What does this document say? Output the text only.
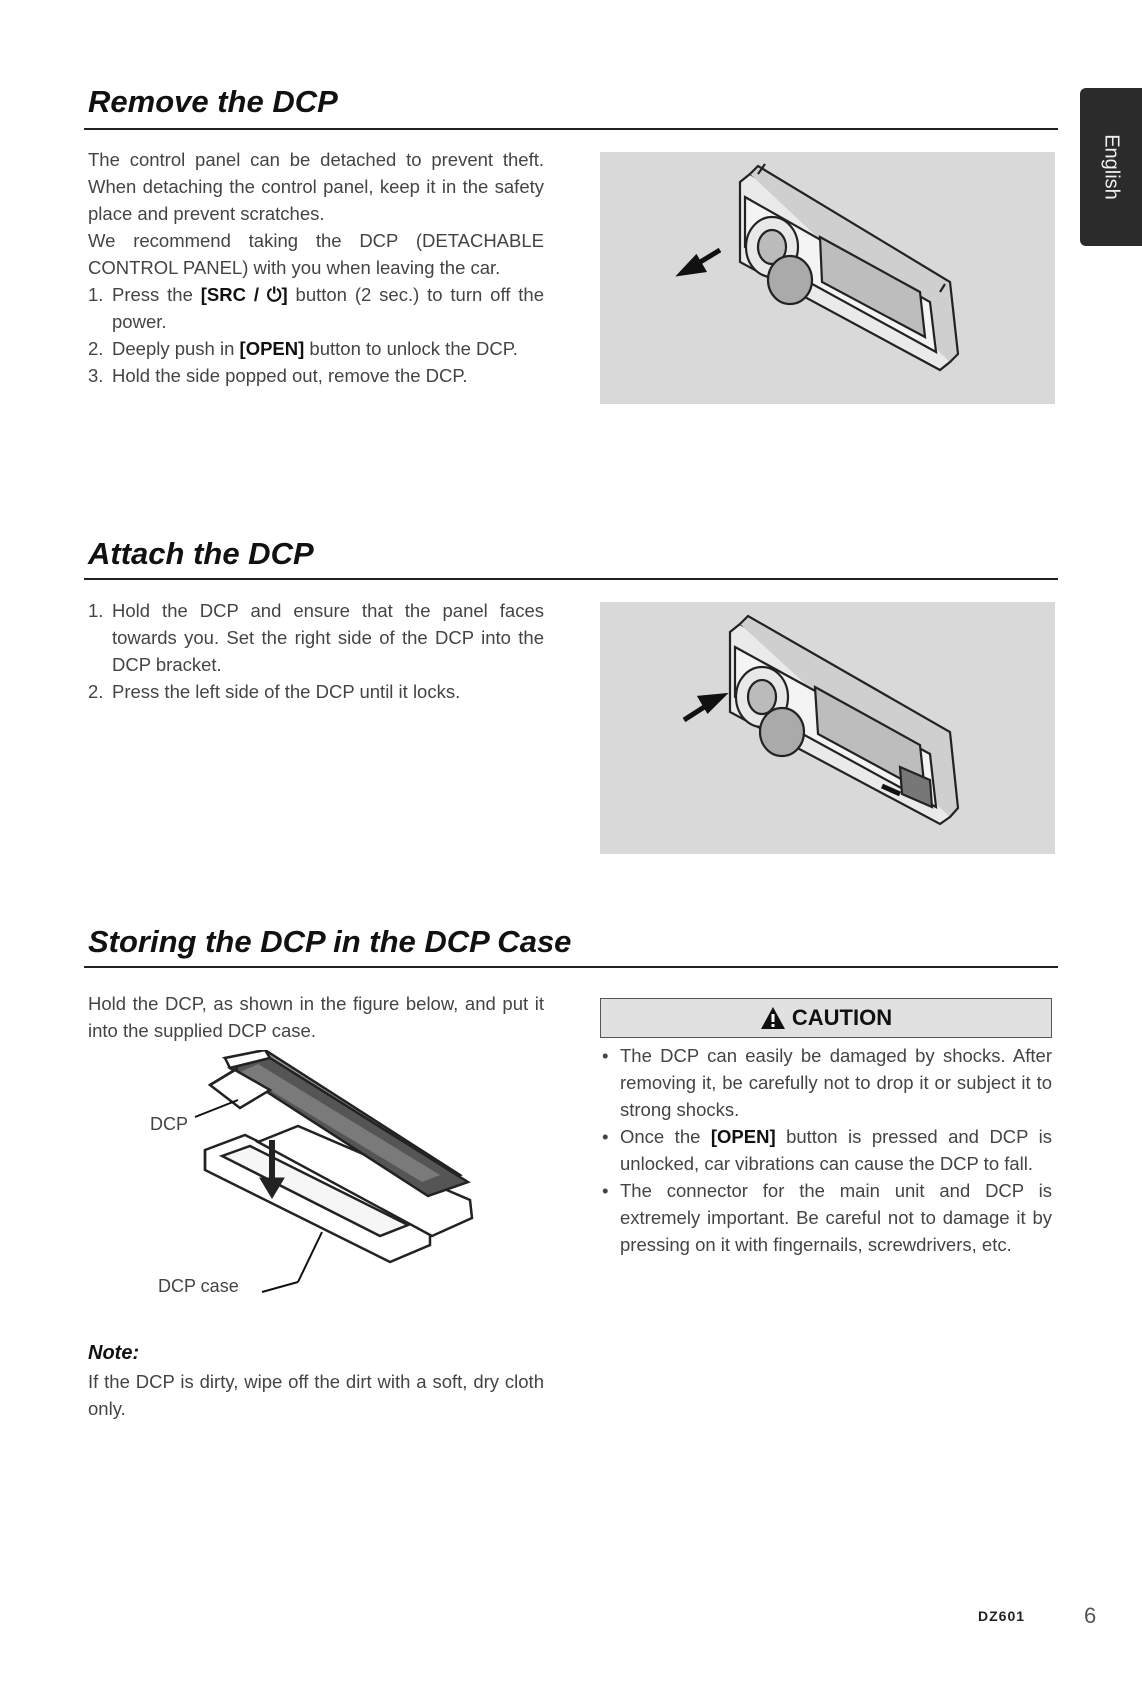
English
Remove the DCP

The control panel can be detached to prevent theft. When detaching the control panel, keep it in the safety place and prevent scratches.

We recommend taking the DCP (DETACHABLE CONTROL PANEL) with you when leaving the car.

1. Press the [SRC / ⏻] button (2 sec.) to turn off the power.
2. Deeply push in [OPEN] button to unlock the DCP.
3. Hold the side popped out, remove the DCP.
Attach the DCP
1. Hold the DCP and ensure that the panel faces towards you. Set the right side of the DCP into the DCP bracket.
2. Press the left side of the DCP until it locks.
Storing the DCP in the DCP Case

Hold the DCP, as shown in the figure below, and put it into the supplied DCP case.

DCP
DCP case
Note:

If the DCP is dirty, wipe off the dirt with a soft, dry cloth only.

CAUTION
• The DCP can easily be damaged by shocks. After removing it, be carefully not to drop it or subject it to strong shocks.
• Once the [OPEN] button is pressed and DCP is unlocked, car vibrations can cause the DCP to fall.
• The connector for the main unit and DCP is extremely important. Be careful not to damage it by pressing on it with fingernails, screwdrivers, etc.
DZ601	6
